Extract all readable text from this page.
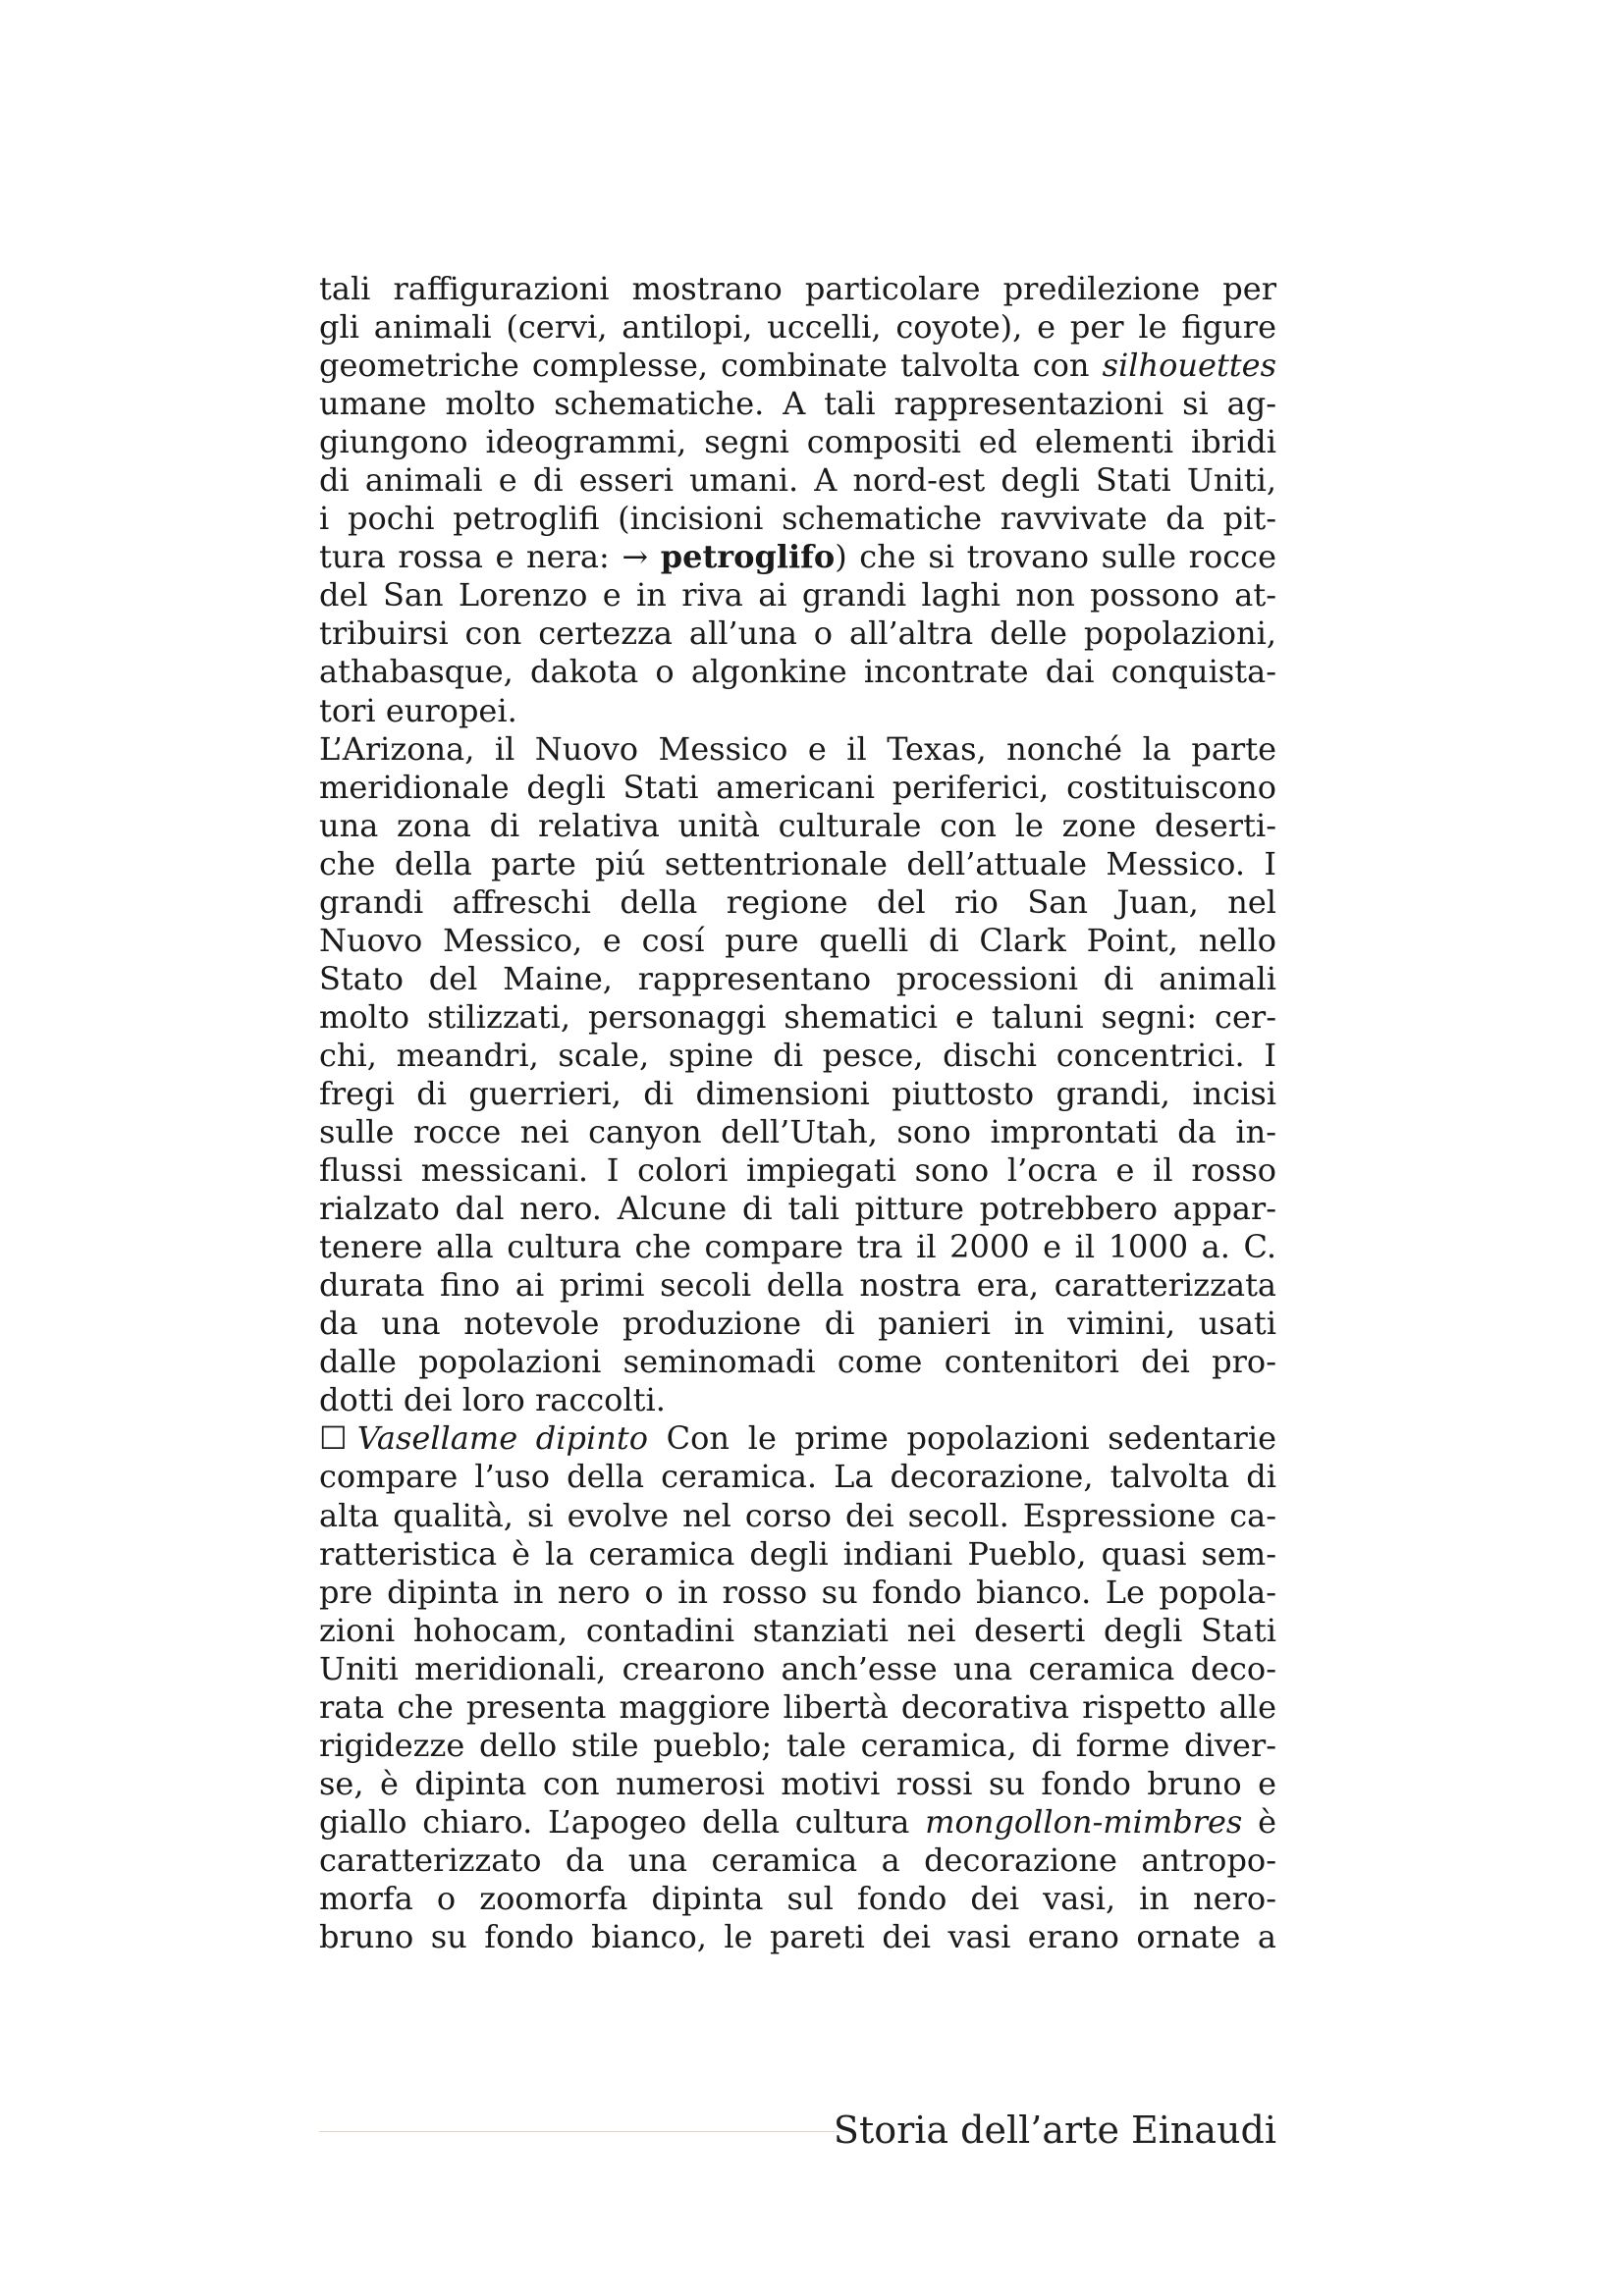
tali raffigurazioni mostrano particolare predilezione per
gli animali (cervi, antilopi, uccelli, coyote), e per le figure
geometriche complesse, combinate talvolta con silhouettes
umane molto schematiche. A tali rappresentazioni si ag-
giungono ideogrammi, segni compositi ed elementi ibridi
di animali e di esseri umani. A nord-est degli Stati Uniti,
i pochi petroglifi (incisioni schematiche ravvivate da pit-
tura rossa e nera: → petroglifo) che si trovano sulle rocce
del San Lorenzo e in riva ai grandi laghi non possono at-
tribuirsi con certezza all’una o all’altra delle popolazioni,
athabasque, dakota o algonkine incontrate dai conquista-
tori europei.
L’Arizona, il Nuovo Messico e il Texas, nonché la parte
meridionale degli Stati americani periferici, costituiscono
una zona di relativa unità culturale con le zone deserti-
che della parte piú settentrionale dell’attuale Messico. I
grandi affreschi della regione del rio San Juan, nel
Nuovo Messico, e cosí pure quelli di Clark Point, nello
Stato del Maine, rappresentano processioni di animali
molto stilizzati, personaggi shematici e taluni segni: cer-
chi, meandri, scale, spine di pesce, dischi concentrici. I
fregi di guerrieri, di dimensioni piuttosto grandi, incisi
sulle rocce nei canyon dell’Utah, sono improntati da in-
flussi messicani. I colori impiegati sono l’ocra e il rosso
rialzato dal nero. Alcune di tali pitture potrebbero appar-
tenere alla cultura che compare tra il 2000 e il 1000 a. C.
durata fino ai primi secoli della nostra era, caratterizzata
da una notevole produzione di panieri in vimini, usati
dalle popolazioni seminomadi come contenitori dei pro-
dotti dei loro raccolti.
☐ Vasellame dipinto Con le prime popolazioni sedentarie
compare l’uso della ceramica. La decorazione, talvolta di
alta qualità, si evolve nel corso dei secoll. Espressione ca-
ratteristica è la ceramica degli indiani Pueblo, quasi sem-
pre dipinta in nero o in rosso su fondo bianco. Le popola-
zioni hohocam, contadini stanziati nei deserti degli Stati
Uniti meridionali, crearono anch’esse una ceramica deco-
rata che presenta maggiore libertà decorativa rispetto alle
rigidezze dello stile pueblo; tale ceramica, di forme diver-
se, è dipinta con numerosi motivi rossi su fondo bruno e
giallo chiaro. L’apogeo della cultura mongollon-mimbres è
caratterizzato da una ceramica a decorazione antropo-
morfa o zoomorfa dipinta sul fondo dei vasi, in nero-
bruno su fondo bianco, le pareti dei vasi erano ornate a
Storia dell’arte Einaudi
